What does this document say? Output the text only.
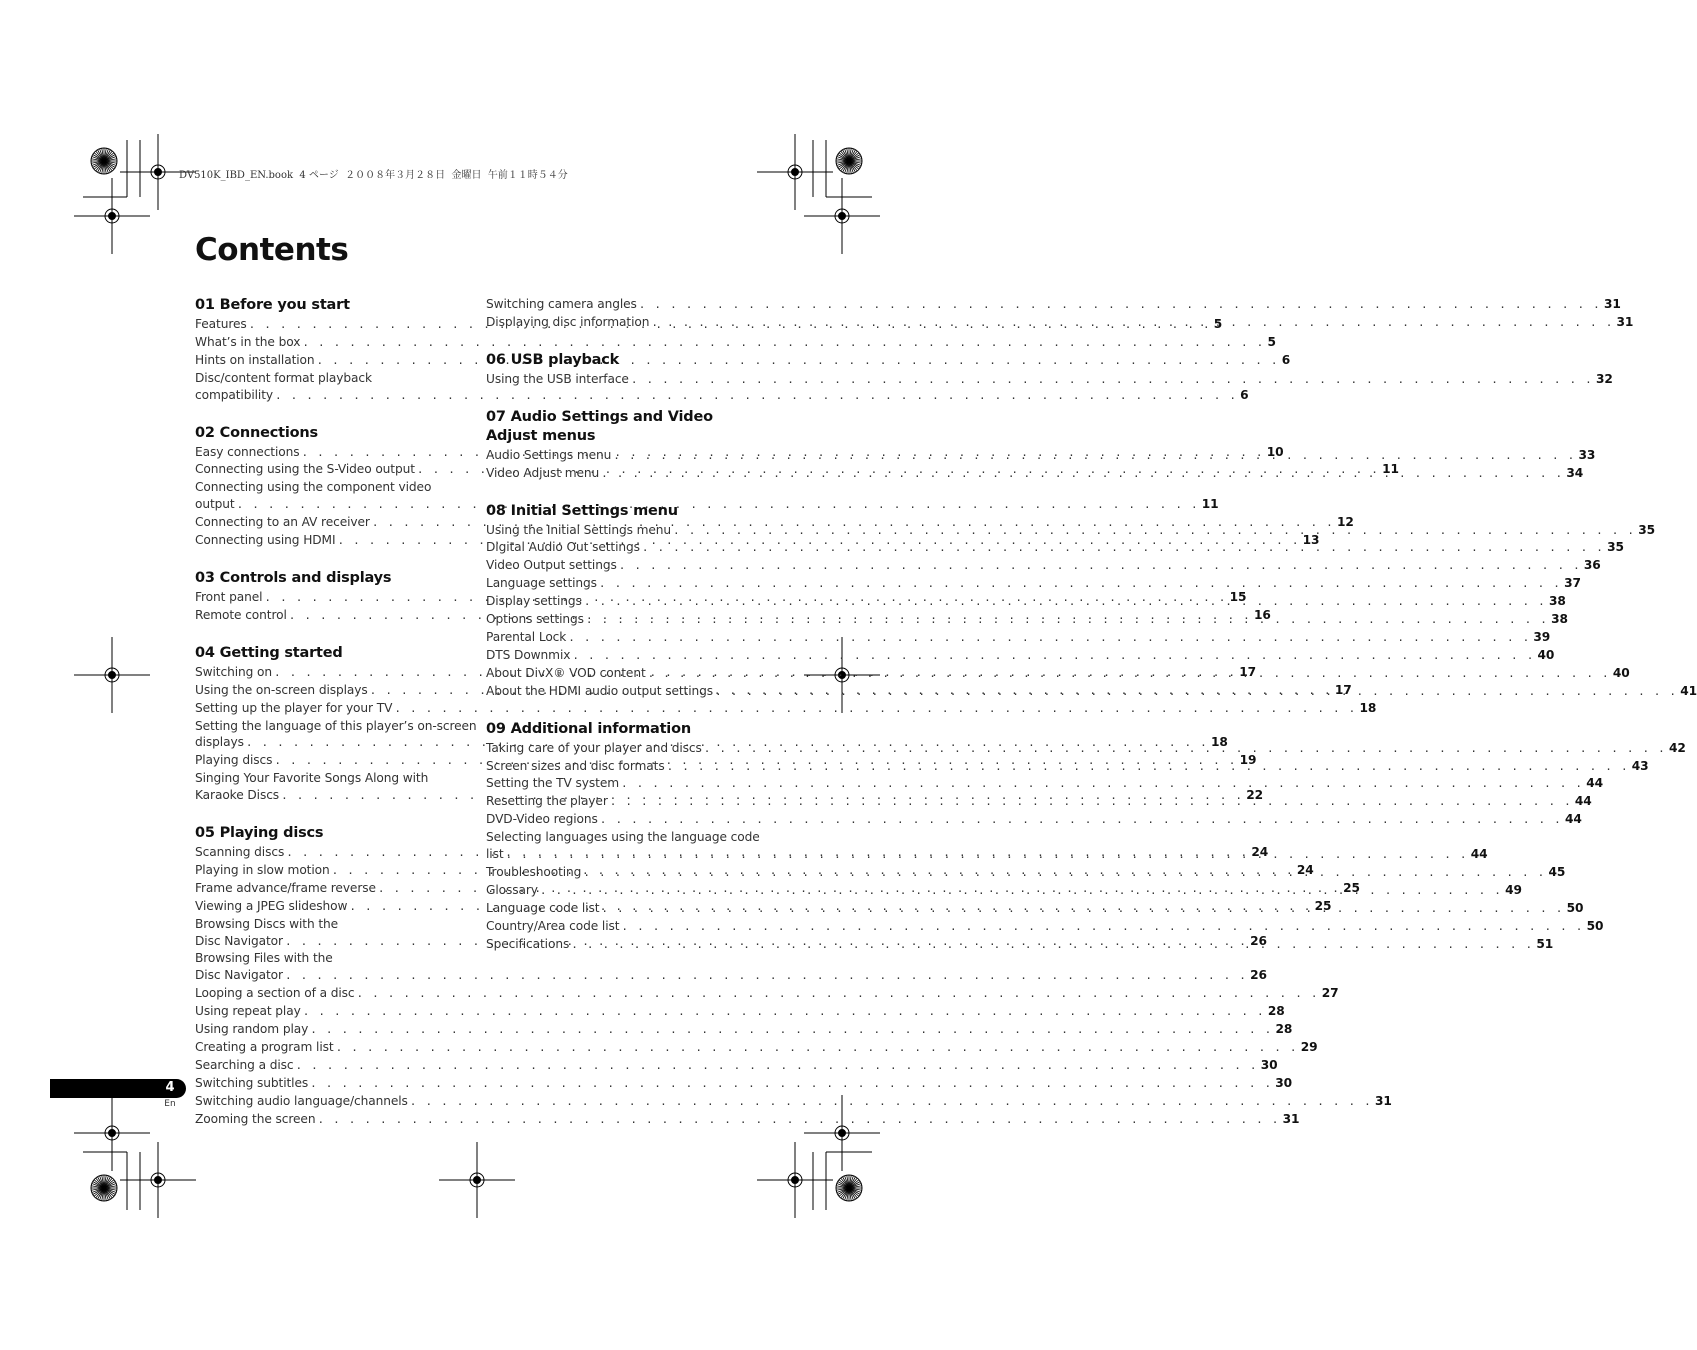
DV510K_IBD_EN.book  4 ページ  ２００８年３月２８日  金曜日  午前１１時５４分
Contents
01 Before you start
Features . . .	5
What’s in the box . . .	5
Hints on installation . . .	6
Disc/content format playback
compatibility . . .	6
02 Connections
Easy connections . . .	10
Connecting using the S-Video output . . .	11
Connecting using the component video
output . . .	11
Connecting to an AV receiver . . .	12
Connecting using HDMI . . .	13
03 Controls and displays
Front panel . . .	15
Remote control . . .	16
04 Getting started
Switching on . . .	17
Using the on-screen displays . . .	17
Setting up the player for your TV . . .	18
Setting the language of this player’s on-screen
displays . . .	18
Playing discs . . .	19
Singing Your Favorite Songs Along with
Karaoke Discs . . .	22
05 Playing discs
Scanning discs . . .	24
Playing in slow motion . . .	24
Frame advance/frame reverse . . .	25
Viewing a JPEG slideshow . . .	25
Browsing Discs with the
Disc Navigator . . .	26
Browsing Files with the
Disc Navigator . . .	26
Looping a section of a disc . . .	27
Using repeat play . . .	28
Using random play . . .	28
Creating a program list . . .	29
Searching a disc . . .	30
Switching subtitles . . .	30
Switching audio language/channels . . .	31
Zooming the screen . . .	31
Switching camera angles . . .	31
Displaying disc information . . .	31
06 USB playback
Using the USB interface . . .	32
07 Audio Settings and Video Adjust menus
Audio Settings menu . . .	33
Video Adjust menu . . .	34
08 Initial Settings menu
Using the Initial Settings menu . . .	35
Digital Audio Out settings . . .	35
Video Output settings . . .	36
Language settings . . .	37
Display settings . . .	38
Options settings . . .	38
Parental Lock . . .	39
DTS Downmix . . .	40
About DivX® VOD content . . .	40
About the HDMI audio output settings . . .	41
09 Additional information
Taking care of your player and discs . . .	42
Screen sizes and disc formats . . .	43
Setting the TV system . . .	44
Resetting the player . . .	44
DVD-Video regions . . .	44
Selecting languages using the language code
list . . .	44
Troubleshooting . . .	45
Glossary . . .	49
Language code list . . .	50
Country/Area code list . . .	50
Specifications . . .	51
4
En
